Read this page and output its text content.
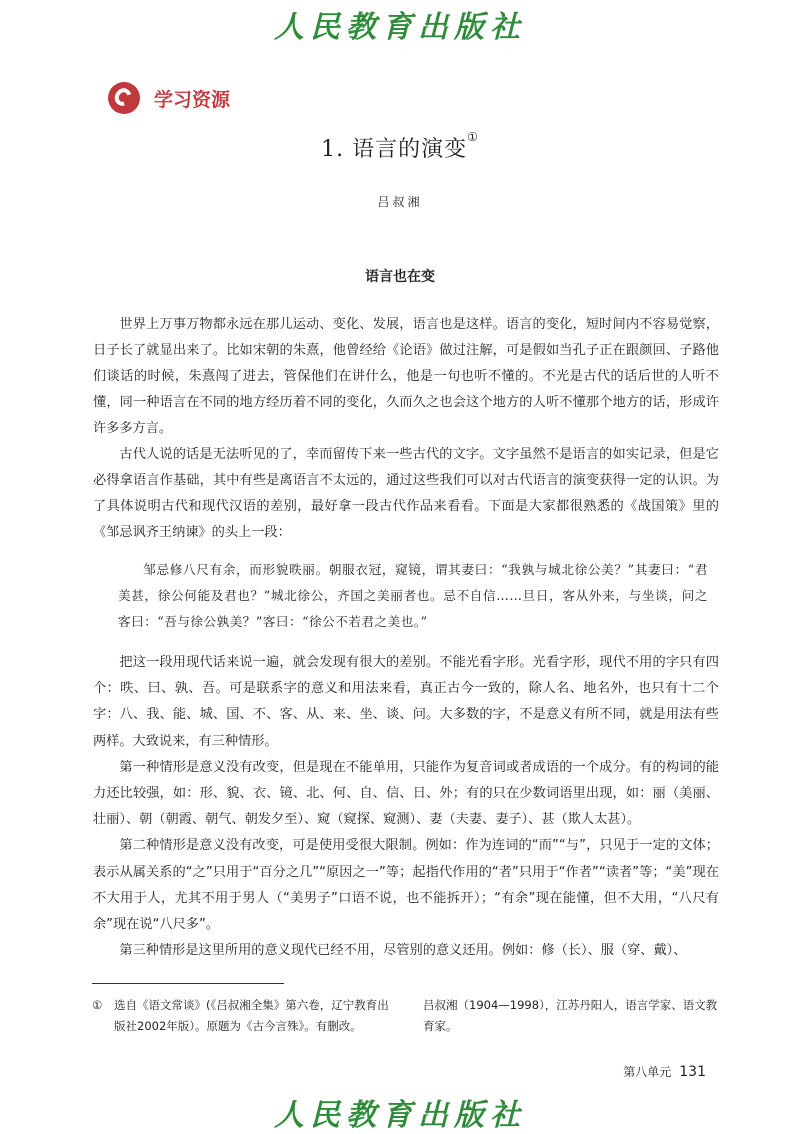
人民教育出版社
学习资源
1. 语言的演变①
吕叔湘
语言也在变

世界上万事万物都永远在那儿运动、变化、发展，语言也是这样。语言的变化，短时间内不容易觉察，日子长了就显出来了。比如宋朝的朱熹，他曾经给《论语》做过注解，可是假如当孔子正在跟颜回、子路他们谈话的时候，朱熹闯了进去，管保他们在讲什么，他是一句也听不懂的。不光是古代的话后世的人听不懂，同一种语言在不同的地方经历着不同的变化，久而久之也会这个地方的人听不懂那个地方的话，形成许许多多方言。

古代人说的话是无法听见的了，幸而留传下来一些古代的文字。文字虽然不是语言的如实记录，但是它必得拿语言作基础，其中有些是离语言不太远的，通过这些我们可以对古代语言的演变获得一定的认识。为了具体说明古代和现代汉语的差别，最好拿一段古代作品来看看。下面是大家都很熟悉的《战国策》里的《邹忌讽齐王纳谏》的头上一段：

邹忌修八尺有余，而形貌昳丽。朝服衣冠，窥镜，谓其妻曰：“我孰与城北徐公美？”其妻曰：“君美甚，徐公何能及君也？”城北徐公，齐国之美丽者也。忌不自信……旦日，客从外来，与坐谈，问之客曰：“吾与徐公孰美？”客曰：“徐公不若君之美也。”

把这一段用现代话来说一遍，就会发现有很大的差别。不能光看字形。光看字形，现代不用的字只有四个：昳、曰、孰、吾。可是联系字的意义和用法来看，真正古今一致的，除人名、地名外，也只有十二个字：八、我、能、城、国、不、客、从、来、坐、谈、问。大多数的字，不是意义有所不同，就是用法有些两样。大致说来，有三种情形。

第一种情形是意义没有改变，但是现在不能单用，只能作为复音词或者成语的一个成分。有的构词的能力还比较强，如：形、貌、衣、镜、北、何、自、信、日、外；有的只在少数词语里出现，如：丽（美丽、壮丽）、朝（朝霞、朝气、朝发夕至）、窥（窥探、窥测）、妻（夫妻、妻子）、甚（欺人太甚）。

第二种情形是意义没有改变，可是使用受很大限制。例如：作为连词的“而”“与”，只见于一定的文体；表示从属关系的“之”只用于“百分之几”“原因之一”等；起指代作用的“者”只用于“作者”“读者”等；“美”现在不大用于人，尤其不用于男人（“美男子”口语不说，也不能拆开）；“有余”现在能懂，但不大用，“八尺有余”现在说“八尺多”。

第三种情形是这里所用的意义现代已经不用，尽管别的意义还用。例如：修（长）、服（穿、戴）、

①	选自《语文常谈》(《吕叔湘全集》第六卷，辽宁教育出版社2002年版）。原题为《古今言殊》。有删改。
吕叔湘（1904—1998），江苏丹阳人，语言学家、语文教育家。
第八单元 131
人民教育出版社
